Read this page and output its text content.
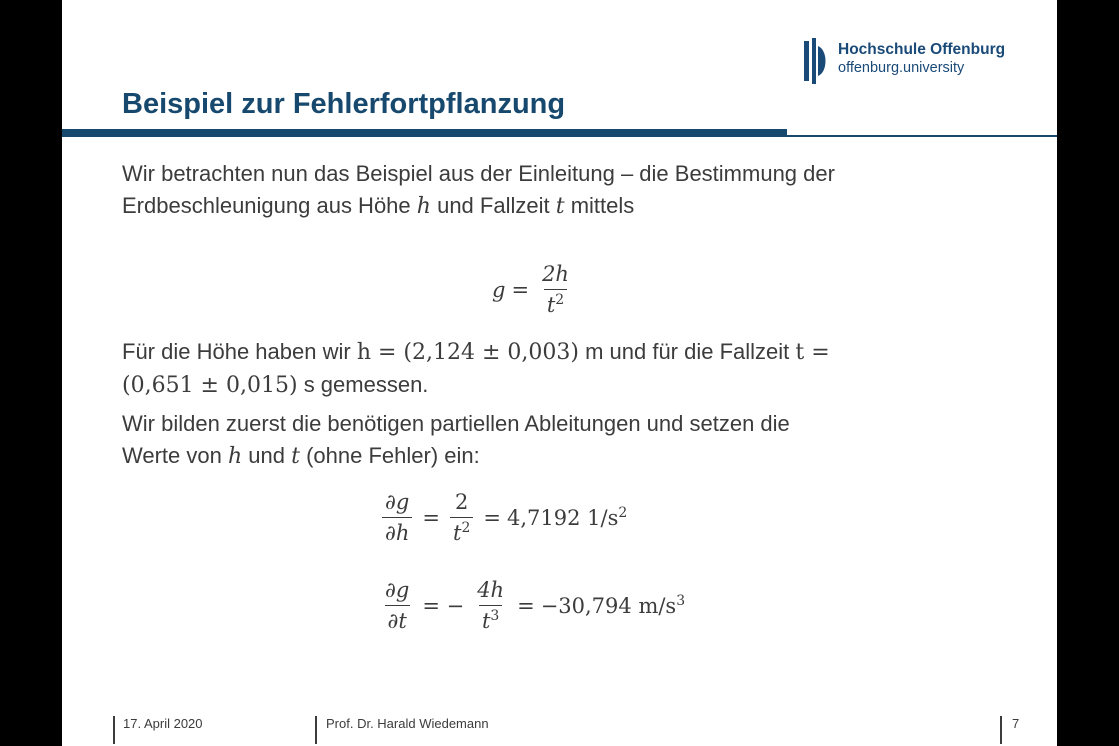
Hochschule Offenburg
offenburg.university
Beispiel zur Fehlerfortpflanzung
Wir betrachten nun das Beispiel aus der Einleitung – die Bestimmung der
Erdbeschleunigung aus Höhe h und Fallzeit t mittels
$g = \frac{2h}{t^2}$
Für die Höhe haben wir h = (2,124 ± 0,003) m und für die Fallzeit t =
(0,651 ± 0,015) s gemessen.
Wir bilden zuerst die benötigen partiellen Ableitungen und setzen die
Werte von h und t (ohne Fehler) ein:
$\frac{\partial g}{\partial h} = \frac{2}{t^2} = 4,7192$ $1/s^2$
$\frac{\partial g}{\partial t}$ = − $\frac{4h}{t^3} = -30,794$ $m/s^3$
17. April 2020	Prof. Dr. Harald Wiedemann	7
